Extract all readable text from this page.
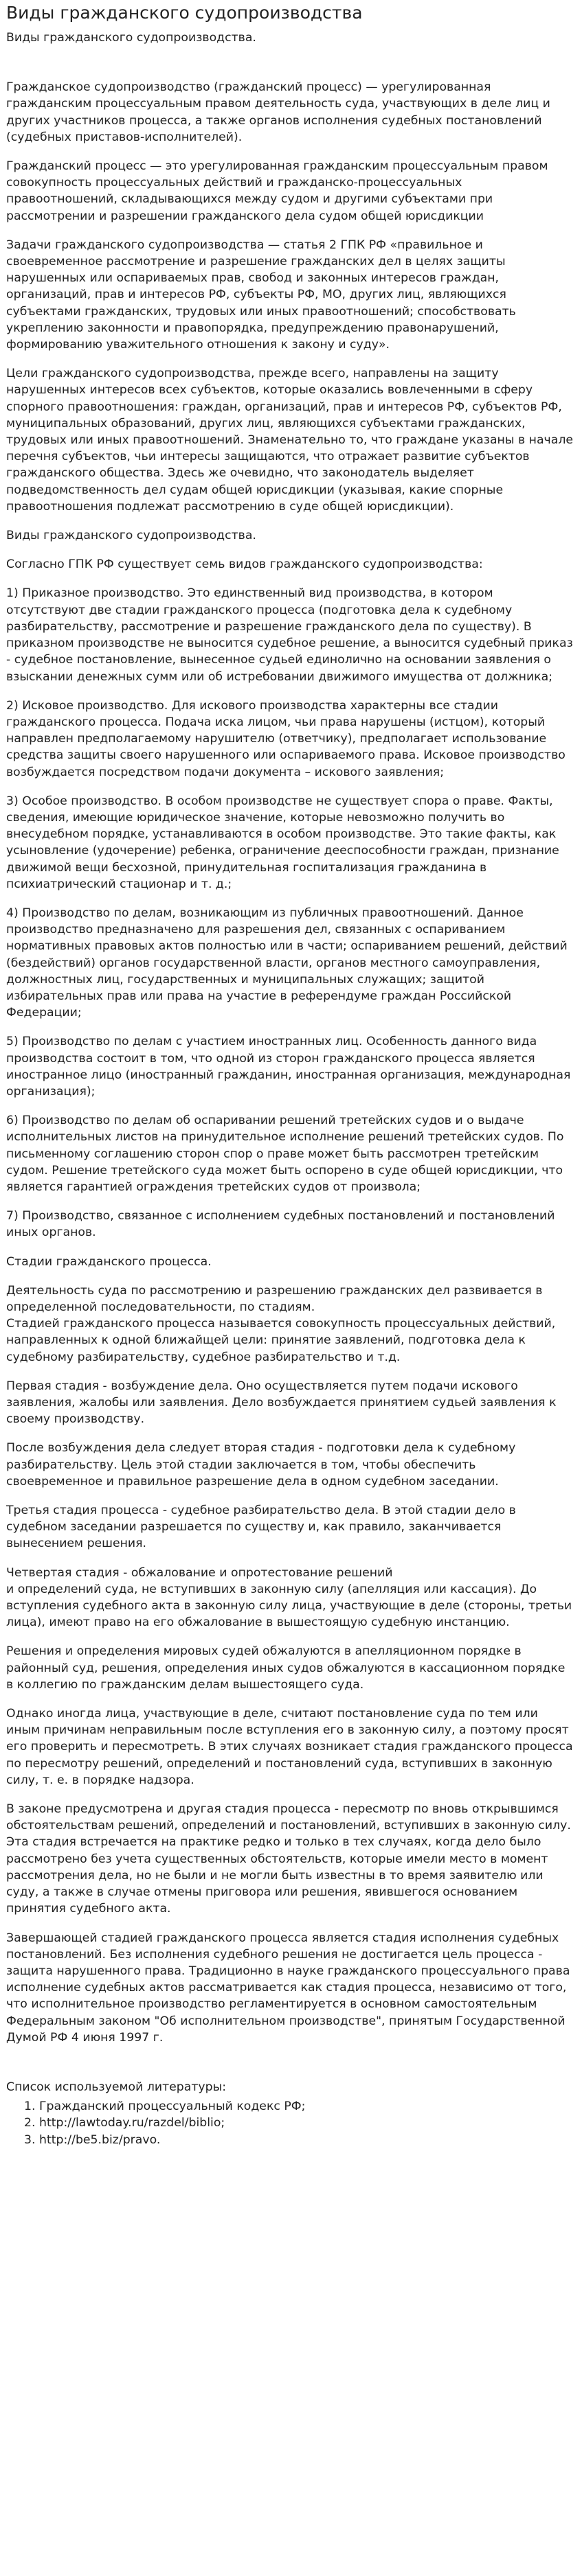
Виды гражданского судопроизводства
Виды гражданского судопроизводства.

Гражданское судопроизводство (гражданский процесс) — урегулированная гражданским процессуальным правом деятельность суда, участвующих в деле лиц и других участников процесса, а также органов исполнения судебных постановлений (судебных приставов-исполнителей).

Гражданский процесс — это урегулированная гражданским процессуальным правом совокупность процессуальных действий и гражданско-процессуальных правоотношений, складывающихся между судом и другими субъектами при рассмотрении и разрешении гражданского дела судом общей юрисдикции

Задачи гражданского судопроизводства — статья 2 ГПК РФ «правильное и своевременное рассмотрение и разрешение гражданских дел в целях защиты нарушенных или оспариваемых прав, свобод и законных интересов граждан, организаций, прав и интересов РФ, субъекты РФ, МО, других лиц, являющихся субъектами гражданских, трудовых или иных правоотношений; способствовать укреплению законности и правопорядка, предупреждению правонарушений, формированию уважительного отношения к закону и суду».

Цели гражданского судопроизводства, прежде всего, направлены на защиту нарушенных интересов всех субъектов, которые оказались вовлеченными в сферу спорного правоотношения: граждан, организаций, прав и интересов РФ, субъектов РФ, муниципальных образований, других лиц, являющихся субъектами гражданских, трудовых или иных правоотношений. Знаменательно то, что граждане указаны в начале перечня субъектов, чьи интересы защищаются, что отражает развитие субъектов гражданского общества. Здесь же очевидно, что законодатель выделяет подведомственность дел судам общей юрисдикции (указывая, какие спорные правоотношения подлежат рассмотрению в суде общей юрисдикции).

Виды гражданского судопроизводства.

Согласно ГПК РФ существует семь видов гражданского судопроизводства:

1) Приказное производство. Это единственный вид производства, в котором отсутствуют две стадии гражданского процесса (подготовка дела к судебному разбирательству, рассмотрение и разрешение гражданского дела по существу). В приказном производстве не выносится судебное решение, а выносится судебный приказ - судебное постановление, вынесенное судьей единолично на основании заявления о взыскании денежных сумм или об истребовании движимого имущества от должника;

2) Исковое производство. Для искового производства характерны все стадии гражданского процесса. Подача иска лицом, чьи права нарушены (истцом), который направлен предполагаемому нарушителю (ответчику), предполагает использование средства защиты своего нарушенного или оспариваемого права. Исковое производство возбуждается посредством подачи документа – искового заявления;

3) Особое производство. В особом производстве не существует спора о праве. Факты, сведения, имеющие юридическое значение, которые невозможно получить во внесудебном порядке, устанавливаются в особом производстве. Это такие факты, как усыновление (удочерение) ребенка, ограничение дееспособности граждан, признание движимой вещи бесхозной, принудительная госпитализация гражданина в психиатрический стационар и т. д.;

4) Производство по делам, возникающим из публичных правоотношений. Данное производство предназначено для разрешения дел, связанных с оспариванием нормативных правовых актов полностью или в части; оспариванием решений, действий (бездействий) органов государственной власти, органов местного самоуправления, должностных лиц, государственных и муниципальных служащих; защитой избирательных прав или права на участие в референдуме граждан Российской Федерации;

5) Производство по делам с участием иностранных лиц. Особенность данного вида производства состоит в том, что одной из сторон гражданского процесса является иностранное лицо (иностранный гражданин, иностранная организация, международная организация);

6) Производство по делам об оспаривании решений третейских судов и о выдаче исполнительных листов на принудительное исполнение решений третейских судов. По письменному соглашению сторон спор о праве может быть рассмотрен третейским судом. Решение третейского суда может быть оспорено в суде общей юрисдикции, что является гарантией ограждения третейских судов от произвола;

7) Производство, связанное с исполнением судебных постановлений и постановлений иных органов.

Стадии гражданского процесса.

Деятельность суда по рассмотрению и разрешению гражданских дел развивается в определенной последовательности, по стадиям.
Стадией гражданского процесса называется совокупность процессуальных действий, направленных к одной ближайщей цели: принятие заявлений, подготовка дела к судебному разбирательству, судебное разбирательство и т.д.

Первая стадия - возбуждение дела. Оно осуществляется путем подачи искового заявления, жалобы или заявления. Дело возбуждается принятием судьей заявления к своему производству.

После возбуждения дела следует вторая стадия - подготовки дела к судебному разбирательству. Цель этой стадии заключается в том, чтобы обеспечить своевременное и правильное разрешение дела в одном судебном заседании.

Третья стадия процесса - судебное разбирательство дела. В этой стадии дело в судебном заседании разрешается по существу и, как правило, заканчивается вынесением решения.

Четвертая стадия - обжалование и опротестование решений
и определений суда, не вступивших в законную силу (апелляция или кассация). До вступления судебного акта в законную силу лица, участвующие в деле (стороны, третьи лица), имеют право на его обжалование в вышестоящую судебную инстанцию.

Решения и определения мировых судей обжалуются в апелляционном порядке в районный суд, решения, определения иных судов обжалуются в кассационном порядке в коллегию по гражданским делам вышестоящего суда.

Однако иногда лица, участвующие в деле, считают постановление суда по тем или иным причинам неправильным после вступления его в законную силу, а поэтому просят его проверить и пересмотреть. В этих случаях возникает стадия гражданского процесса по пересмотру решений, определений и постановлений суда, вступивших в законную силу, т. е. в порядке надзора.

В законе предусмотрена и другая стадия процесса - пересмотр по вновь открывшимся обстоятельствам решений, определений и постановлений, вступивших в законную силу. Эта стадия встречается на практике редко и только в тех случаях, когда дело было рассмотрено без учета существенных обстоятельств, которые имели место в момент рассмотрения дела, но не были и не могли быть известны в то время заявителю или суду, а также в случае отмены приговора или решения, явившегося основанием принятия судебного акта.

Завершающей стадией гражданского процесса является стадия исполнения судебных постановлений. Без исполнения судебного решения не достигается цель процесса - защита нарушенного права. Традиционно в науке гражданского процессуального права исполнение судебных актов рассматривается как стадия процесса, независимо от того, что исполнительное производство регламентируется в основном самостоятельным Федеральным законом "Об исполнительном производстве", принятым Государственной Думой РФ 4 июня 1997 г.

Список используемой литературы:
1. Гражданский процессуальный кодекс РФ;
2. http://lawtoday.ru/razdel/biblio;
3. http://be5.biz/pravo.
